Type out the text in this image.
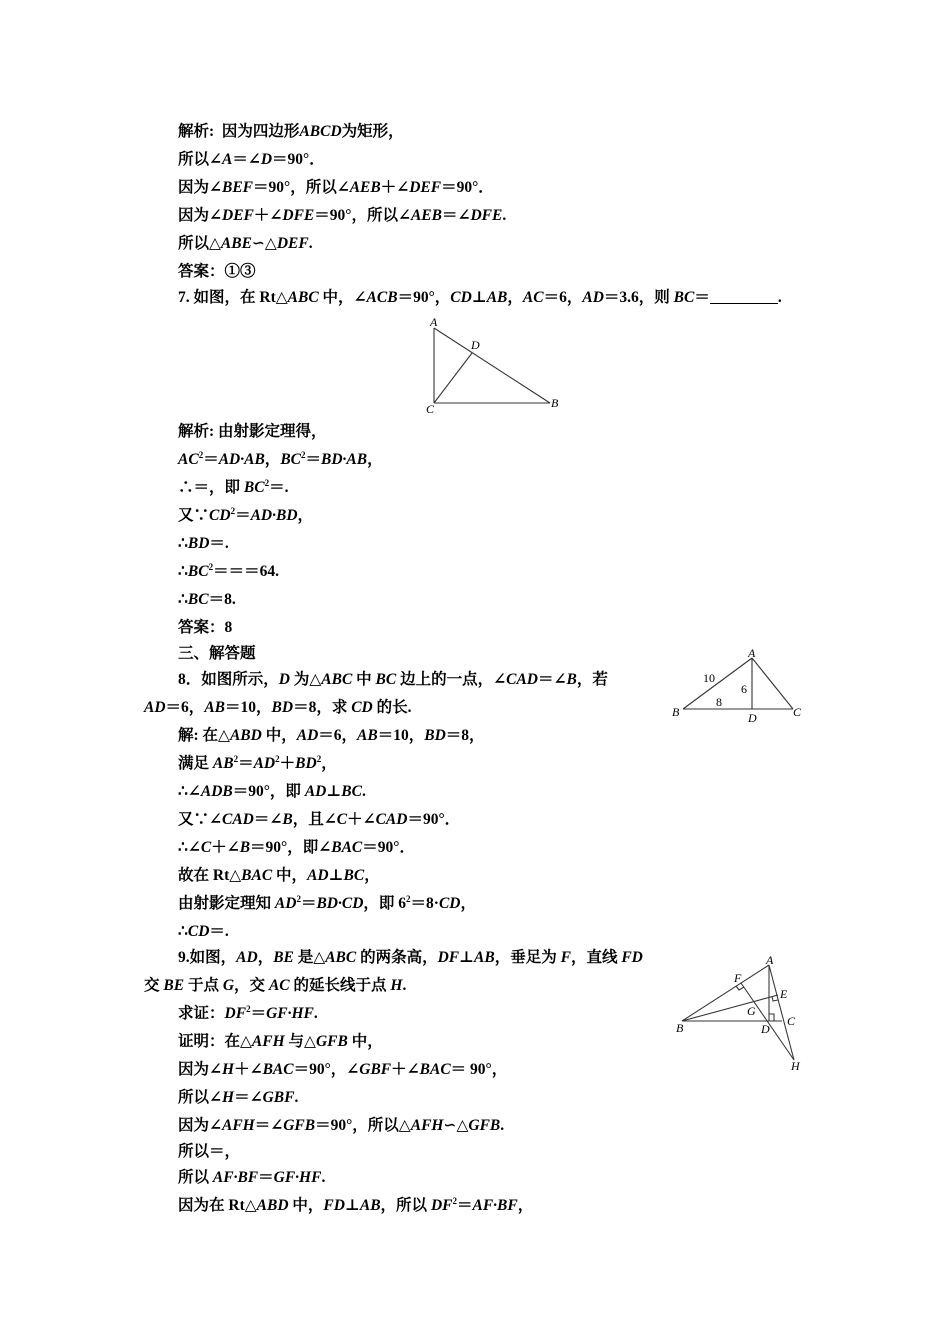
解析: 因为四边形ABCD为矩形，
所以∠A＝∠D＝90°．
因为∠BEF＝90°，所以∠AEB＋∠DEF＝90°．
因为∠DEF＋∠DFE＝90°，所以∠AEB＝∠DFE.
所以△ABE∽△DEF.
答案：①③
7. 如图，在 Rt△ABC 中，∠ACB＝90°，CD⊥AB，AC＝6，AD＝3.6，则 BC＝	.
A
D
C	B
解析: 由射影定理得，
$AC^2=AD\cdot AB$，$BC^2=BD\cdot AB$，
∴＝，即 $BC^2=$.
又$\because CD^2=AD\cdot BD$，
∴BD＝.
$\therefore BC^2===64$.
∴BC＝8.
答案：8
三、解答题
8．如图所示，D 为△ABC 中 BC 边上的一点，∠CAD＝∠B，若
AD＝6，AB＝10，BD＝8，求 CD 的长.
A
B	D	C
10
6
8
解: 在△ABD 中，AD＝6，AB＝10，BD＝8，
满足 $AB^2=AD^2+BD^2$，
∴∠ADB＝90°，即 AD⊥BC.
又∵∠CAD＝∠B，且∠C＋∠CAD＝90°．
∴∠C＋∠B＝90°，即∠BAC＝90°．
故在 Rt△BAC 中，AD⊥BC，
由射影定理知 $AD^2=BD\cdot CD$，即 $6^2=8\cdot CD$，
∴CD＝.
9.如图，AD，BE 是△ABC 的两条高，DF⊥AB，垂足为 F，直线 FD
交 BE 于点 G，交 AC 的延长线于点 H.
求证：$DF^2=GF\cdot HF$.
A
F
E
G
C
B	D
H
证明：在△AFH 与△GFB 中，
因为∠H＋∠BAC＝90°，∠GBF＋∠BAC＝ 90°，
所以∠H＝∠GBF.
因为∠AFH＝∠GFB＝90°，所以△AFH∽△GFB.
所以＝，
所以 AF·BF＝GF·HF.
因为在 Rt△ABD 中，FD⊥AB，所以 $DF^2=AF\cdot BF$，
